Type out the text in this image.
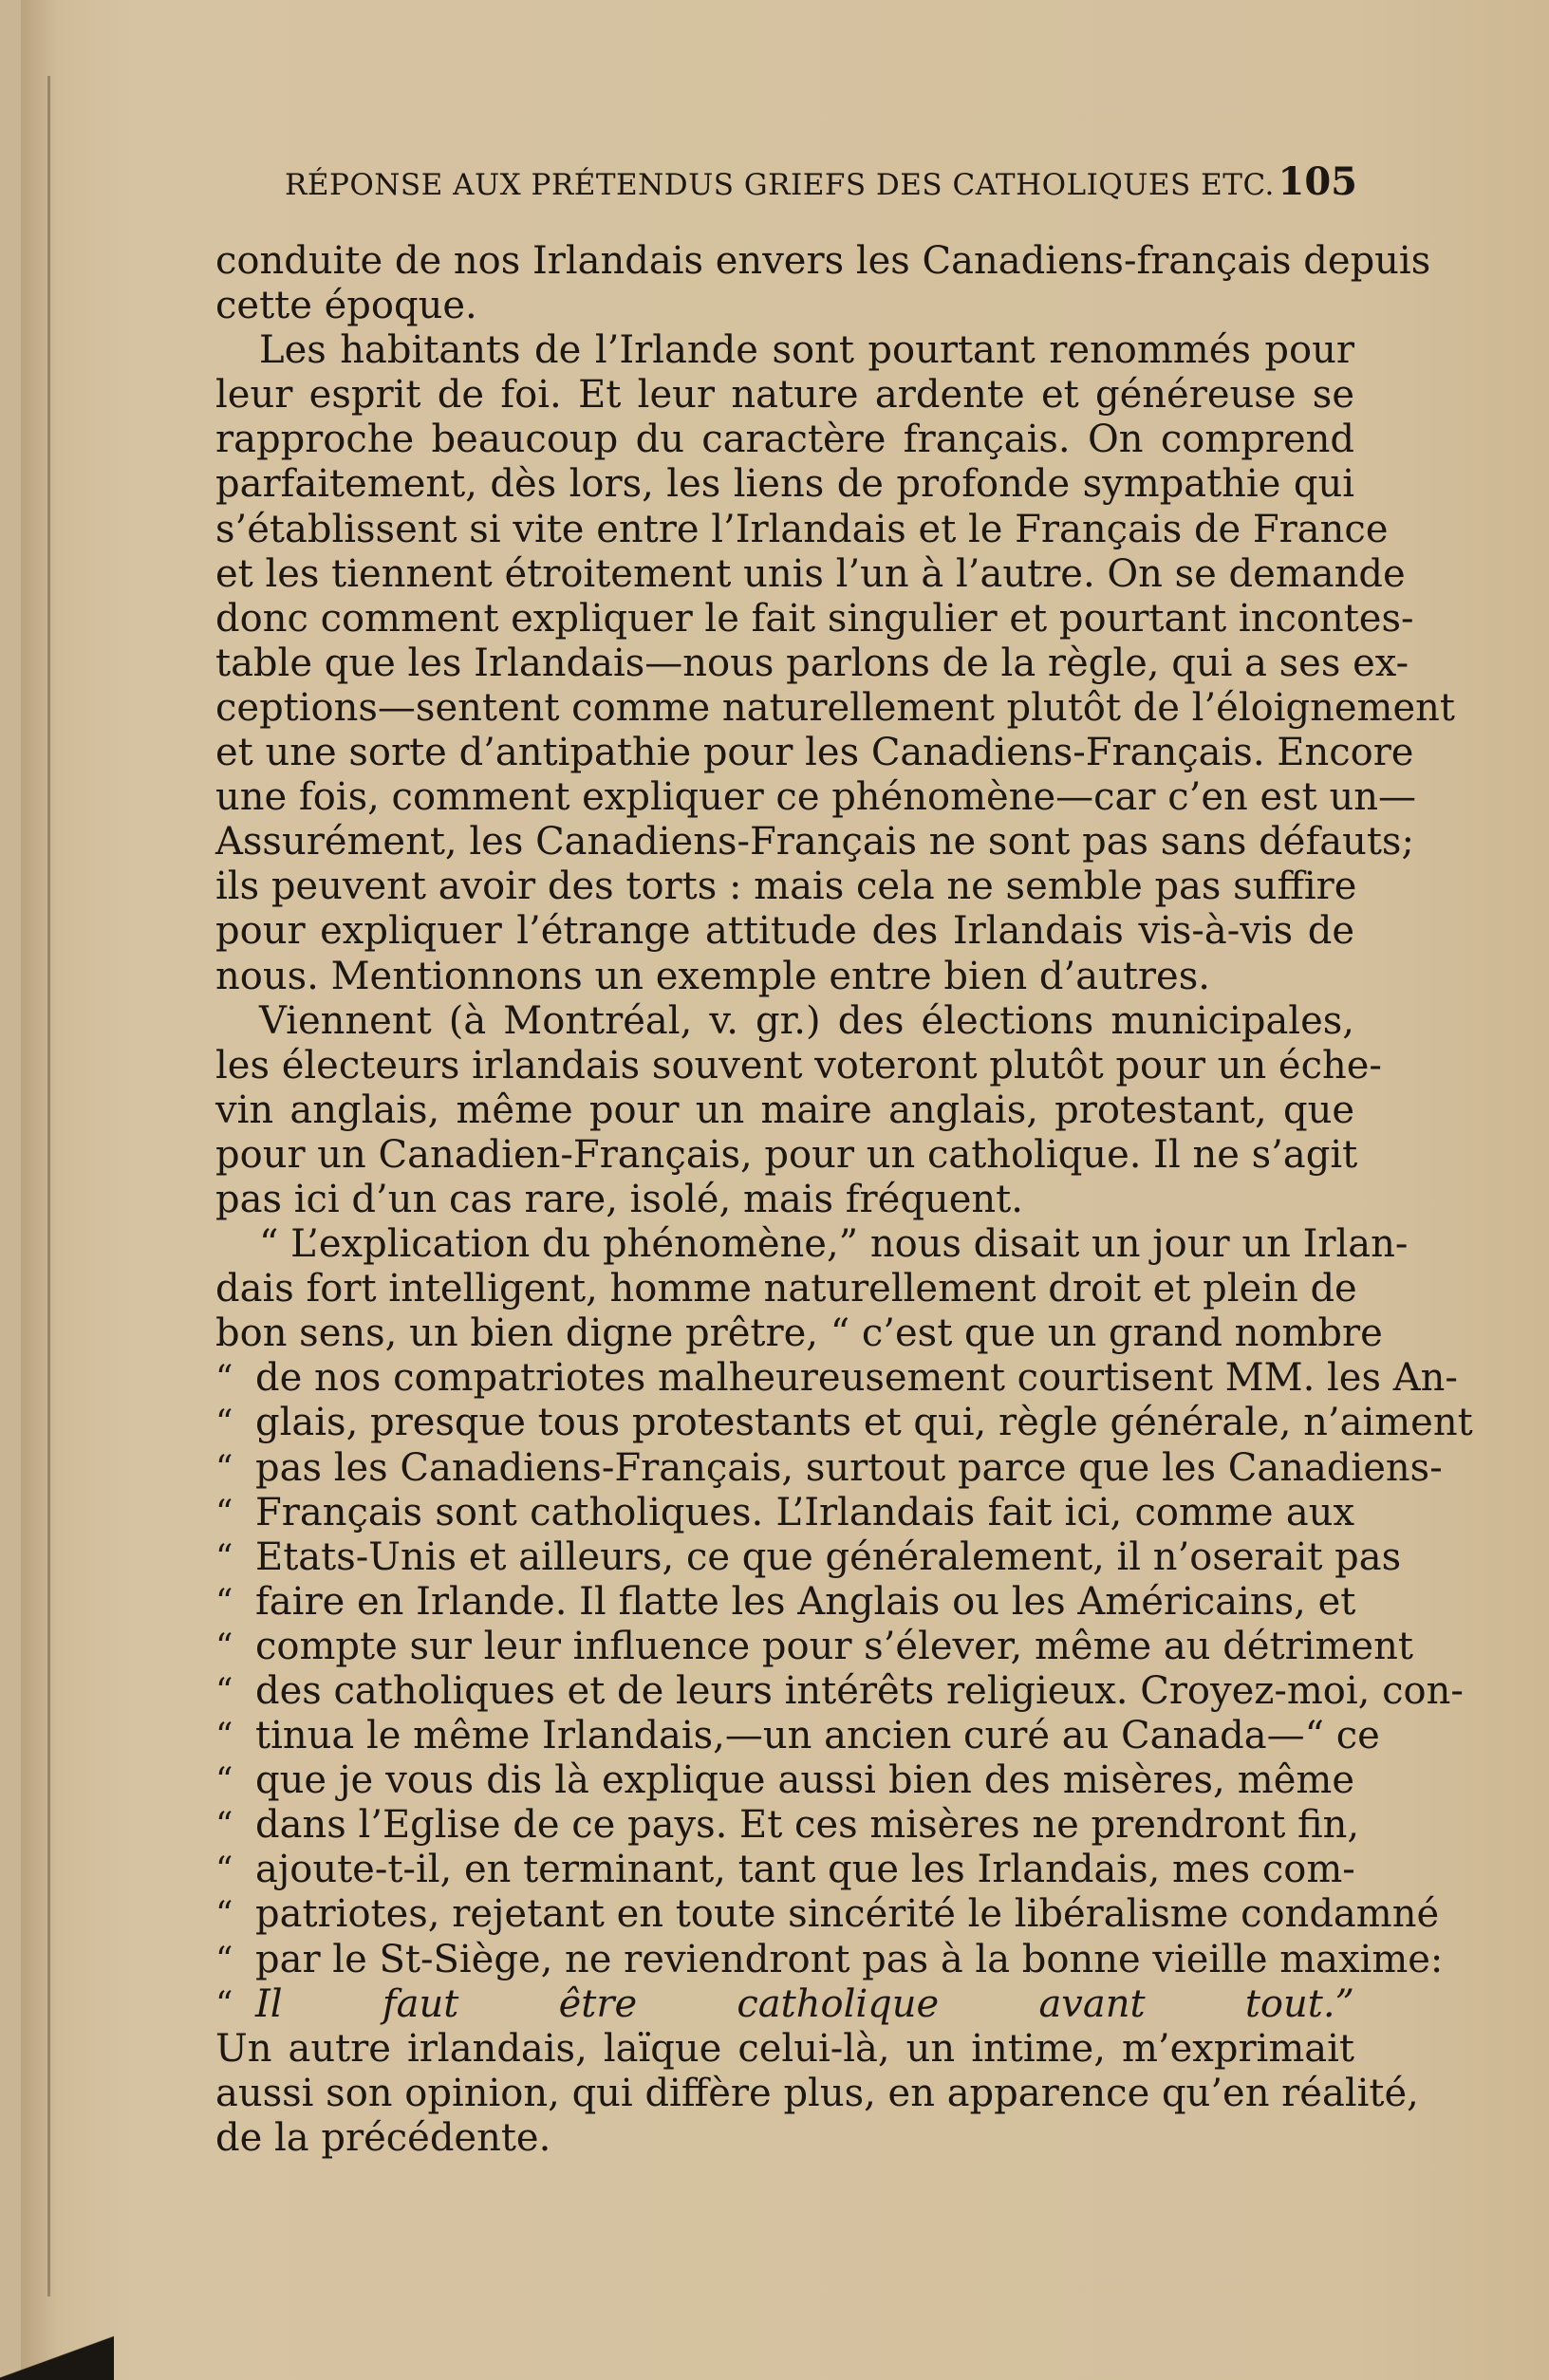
RÉPONSE AUX PRÉTENDUS GRIEFS DES CATHOLIQUES ETC. 105
conduite de nos Irlandais envers les Canadiens-français depuis
cette époque.
Les habitants de l’Irlande sont pourtant renommés pour
leur esprit de foi. Et leur nature ardente et généreuse se
rapproche beaucoup du caractère français. On comprend
parfaitement, dès lors, les liens de profonde sympathie qui
s’établissent si vite entre l’Irlandais et le Français de France
et les tiennent étroitement unis l’un à l’autre. On se demande
donc comment expliquer le fait singulier et pourtant incontes-
table que les Irlandais—nous parlons de la règle, qui a ses ex-
ceptions—sentent comme naturellement plutôt de l’éloignement
et une sorte d’antipathie pour les Canadiens-Français. Encore
une fois, comment expliquer ce phénomène—car c’en est un—
Assurément, les Canadiens-Français ne sont pas sans défauts;
ils peuvent avoir des torts : mais cela ne semble pas suffire
pour expliquer l’étrange attitude des Irlandais vis-à-vis de
nous. Mentionnons un exemple entre bien d’autres.
Viennent (à Montréal, v. gr.) des élections municipales,
les électeurs irlandais souvent voteront plutôt pour un éche-
vin anglais, même pour un maire anglais, protestant, que
pour un Canadien-Français, pour un catholique. Il ne s’agit
pas ici d’un cas rare, isolé, mais fréquent.
“ L’explication du phénomène,” nous disait un jour un Irlan-
dais fort intelligent, homme naturellement droit et plein de
bon sens, un bien digne prêtre, “ c’est que un grand nombre
“ de nos compatriotes malheureusement courtisent MM. les An-
“ glais, presque tous protestants et qui, règle générale, n’aiment
“ pas les Canadiens-Français, surtout parce que les Canadiens-
“ Français sont catholiques. L’Irlandais fait ici, comme aux
“ Etats-Unis et ailleurs, ce que généralement, il n’oserait pas
“ faire en Irlande. Il flatte les Anglais ou les Américains, et
“ compte sur leur influence pour s’élever, même au détriment
“ des catholiques et de leurs intérêts religieux. Croyez-moi, con-
“ tinua le même Irlandais,—un ancien curé au Canada—“ ce
“ que je vous dis là explique aussi bien des misères, même
“ dans l’Eglise de ce pays. Et ces misères ne prendront fin,
“ ajoute-t-il, en terminant, tant que les Irlandais, mes com-
“ patriotes, rejetant en toute sincérité le libéralisme condamné
“ par le St-Siège, ne reviendront pas à la bonne vieille maxime:
“ Il faut être catholique avant tout.”
Un autre irlandais, laïque celui-là, un intime, m’exprimait
aussi son opinion, qui diffère plus, en apparence qu’en réalité,
de la précédente.
